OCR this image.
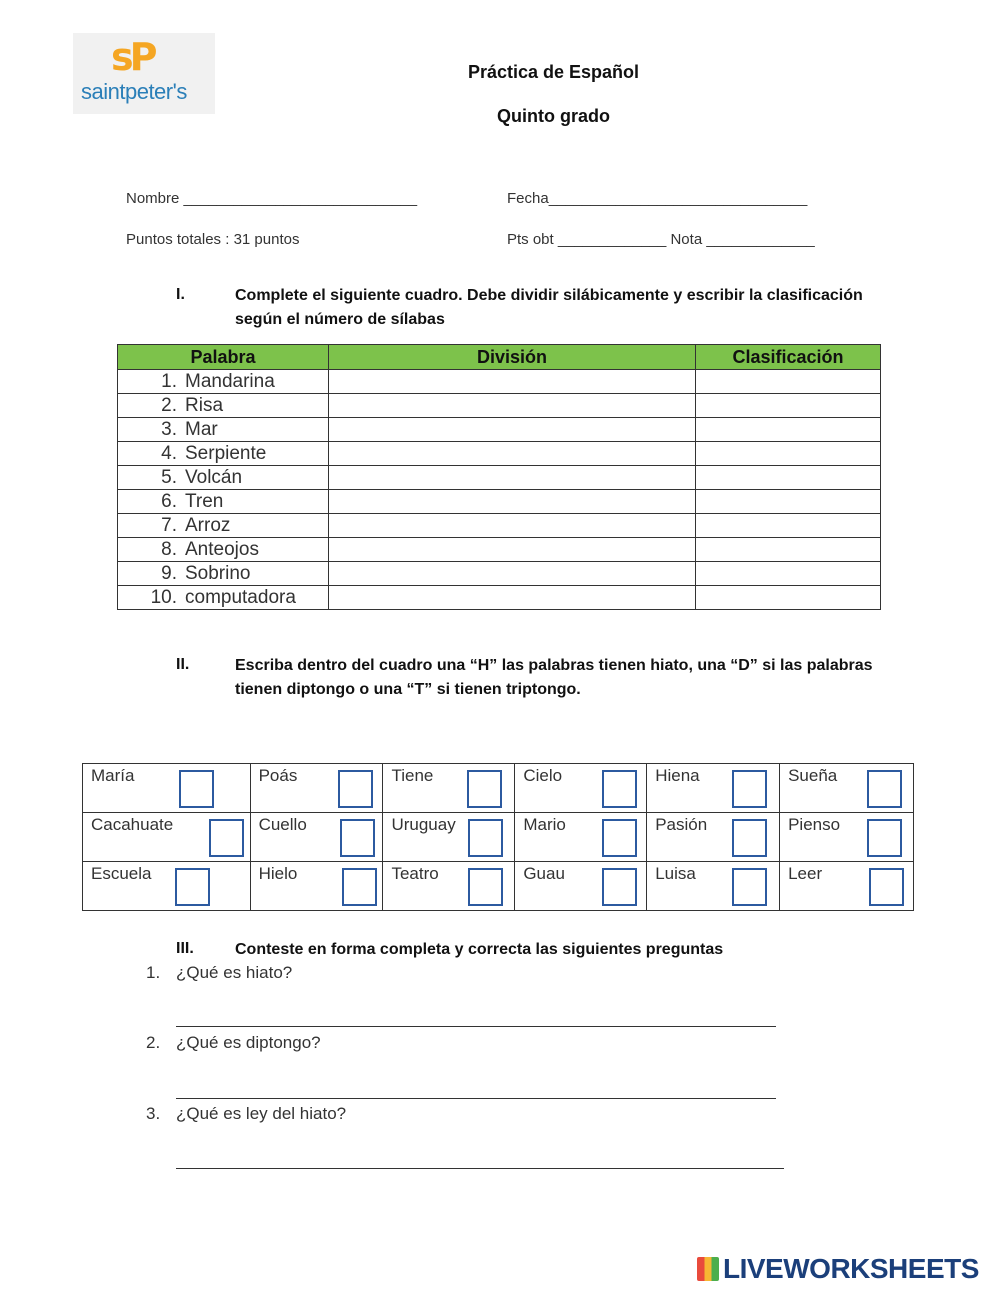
sP
saintpeter's
Práctica de Español
Quinto grado
Nombre ____________________________	Fecha_______________________________
Puntos totales : 31 puntos	Pts obt _____________ Nota _____________
I.	Complete el siguiente cuadro. Debe dividir silábicamente y escribir la clasificación según el número de sílabas
Palabra	División	Clasificación
1. Mandarina		
2. Risa		
3. Mar		
4. Serpiente		
5. Volcán		
6. Tren		
7. Arroz		
8. Anteojos		
9. Sobrino		
10. computadora		
II.	Escriba dentro del cuadro una “H” las palabras tienen hiato, una “D” si las palabras tienen diptongo o una “T” si tienen triptongo.
María	Poás	Tiene	Cielo	Hiena	Sueña

Cacahuate	Cuello	Uruguay	Mario	Pasión	Pienso

Escuela	Hielo	Teatro	Guau	Luisa	Leer
III.	Conteste en forma completa y correcta las siguientes preguntas
1. ¿Qué es hiato?
2. ¿Qué es diptongo?
3. ¿Qué es ley del hiato?
LIVEWORKSHEETS
